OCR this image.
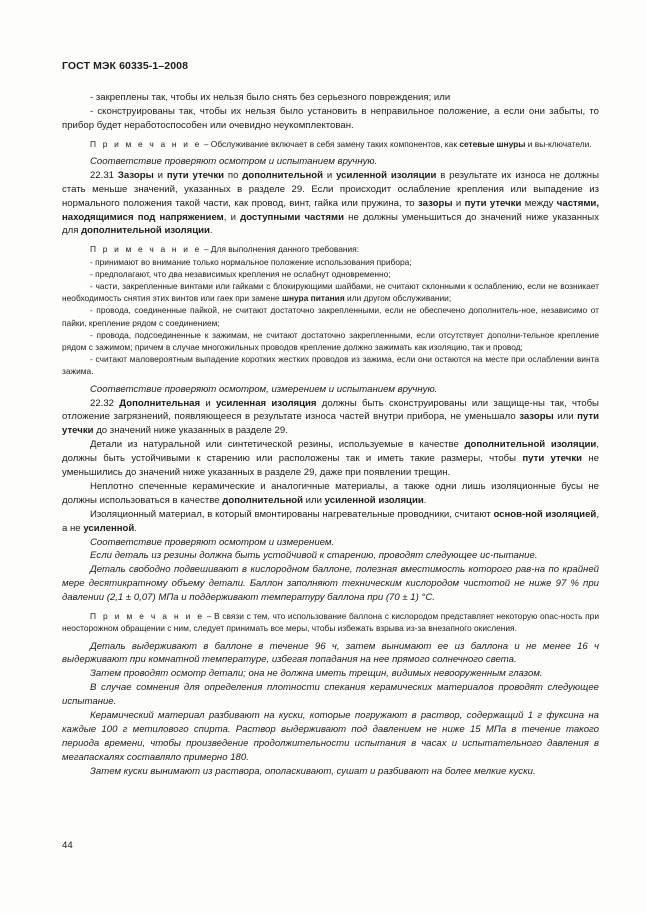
ГОСТ МЭК 60335-1–2008

- закреплены так, чтобы их нельзя было снять без серьезного повреждения; или

- сконструированы так, чтобы их нельзя было установить в неправильное положение, а если они забыты, то прибор будет неработоспособен или очевидно неукомплектован.

П р и м е ч а н и е – Обслуживание включает в себя замену таких компонентов, как сетевые шнуры и вы-ключатели.

Соответствие проверяют осмотром и испытанием вручную.

22.31 Зазоры и пути утечки по дополнительной и усиленной изоляции в результате их износа не должны стать меньше значений, указанных в разделе 29. Если происходит ослабление крепления или выпадение из нормального положения такой части, как провод, винт, гайка или пружина, то зазоры и пути утечки между частями, находящимися под напряжением, и доступными частями не должны уменьшиться до значений ниже указанных для дополнительной изоляции.

П р и м е ч а н и е – Для выполнения данного требования:

- принимают во внимание только нормальное положение использования прибора;

- предполагают, что два независимых крепления не ослабнут одновременно;

- части, закрепленные винтами или гайками с блокирующими шайбами, не считают склонными к ослаблению, если не возникает необходимость снятия этих винтов или гаек при замене шнура питания или другом обслуживании;

- провода, соединенные пайкой, не считают достаточно закрепленными, если не обеспечено дополнитель-ное, независимо от пайки, крепление рядом с соединением;

- провода, подсоединенные к зажимам, не считают достаточно закрепленными, если отсутствует дополни-тельное крепление рядом с зажимом; причем в случае многожильных проводов крепление должно зажимать как изоляцию, так и провод;

- считают маловероятным выпадение коротких жестких проводов из зажима, если они остаются на месте при ослаблении винта зажима.

Соответствие проверяют осмотром, измерением и испытанием вручную.

22.32 Дополнительная и усиленная изоляция должны быть сконструированы или защище-ны так, чтобы отложение загрязнений, появляющееся в результате износа частей внутри прибора, не уменьшало зазоры или пути утечки до значений ниже указанных в разделе 29.

Детали из натуральной или синтетической резины, используемые в качестве дополнительной изоляции, должны быть устойчивыми к старению или расположены так и иметь такие размеры, чтобы пути утечки не уменьшились до значений ниже указанных в разделе 29, даже при появлении трещин.

Неплотно спеченные керамические и аналогичные материалы, а также одни лишь изоляционные бусы не должны использоваться в качестве дополнительной или усиленной изоляции.

Изоляционный материал, в который вмонтированы нагревательные проводники, считают основ-ной изоляцией, а не усиленной.

Соответствие проверяют осмотром и измерением.

Если деталь из резины должна быть устойчивой к старению, проводят следующее ис-пытание.

Деталь свободно подвешивают в кислородном баллоне, полезная вместимость которого рав-на по крайней мере десятикратному объему детали. Баллон заполняют техническим кислородом чистотой не ниже 97 % при давлении (2,1 ± 0,07) МПа и поддерживают температуру баллона при (70 ± 1) °С.

П р и м е ч а н и е – В связи с тем, что использование баллона с кислородом представляет некоторую опас-ность при неосторожном обращении с ним, следует принимать все меры, чтобы избежать взрыва из-за внезапного окисления.

Деталь выдерживают в баллоне в течение 96 ч, затем вынимают ее из баллона и не менее 16 ч выдерживают при комнатной температуре, избегая попадания на нее прямого солнечного света.

Затем проводят осмотр детали; она не должна иметь трещин, видимых невооруженным глазом.

В случае сомнения для определения плотности спекания керамических материалов проводят следующее испытание.

Керамический материал разбивают на куски, которые погружают в раствор, содержащий 1 г фуксина на каждые 100 г метилового спирта. Раствор выдерживают под давлением не ниже 15 МПа в течение такого периода времени, чтобы произведение продолжительности испытания в часах и испытательного давления в мегапаскалях составляло примерно 180.

Затем куски вынимают из раствора, ополаскивают, сушат и разбивают на более мелкие куски.

44
